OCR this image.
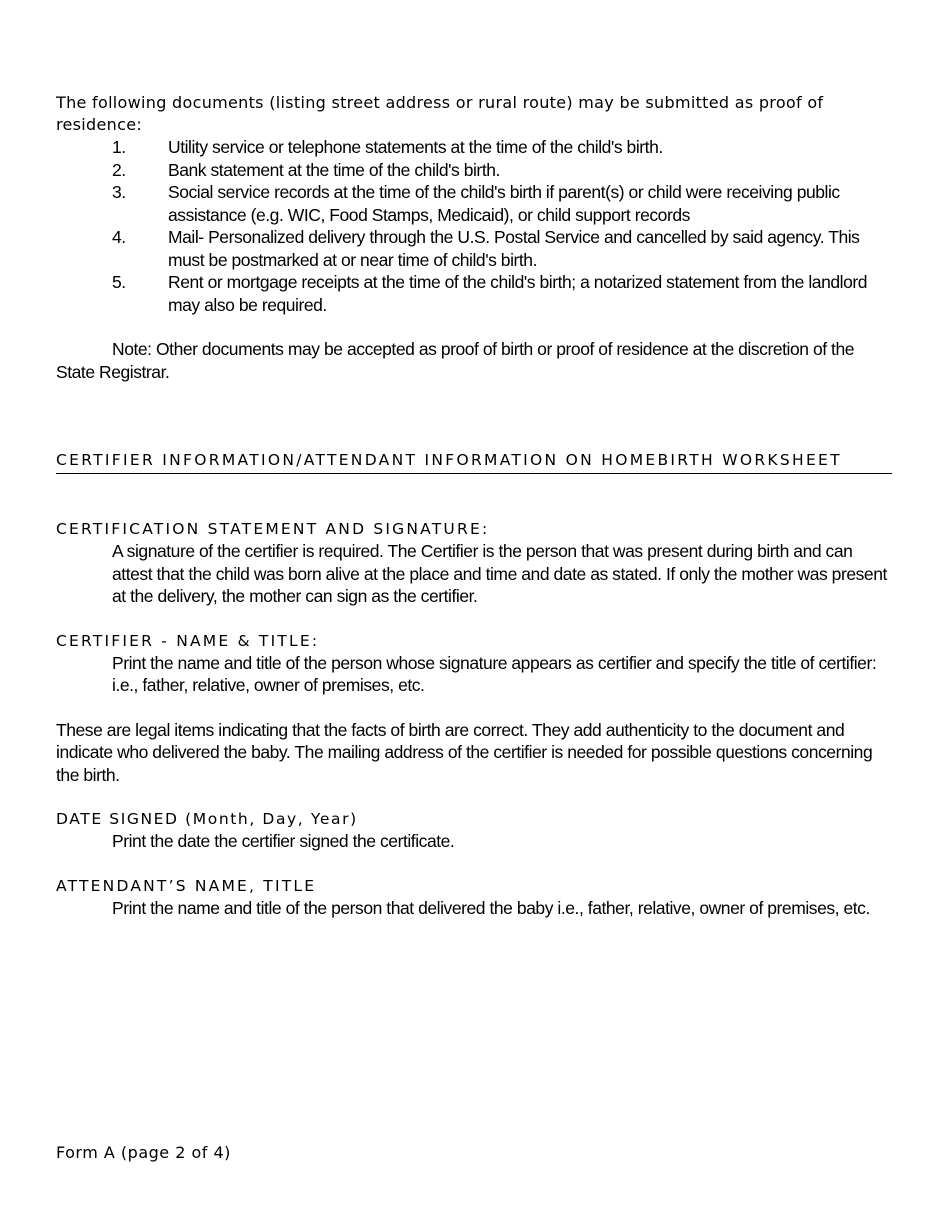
The following documents (listing street address or rural route) may be submitted as proof of residence:

1. Utility service or telephone statements at the time of the child's birth.
2. Bank statement at the time of the child's birth.
3. Social service records at the time of the child's birth if parent(s) or child were receiving public assistance (e.g. WIC, Food Stamps, Medicaid), or child support records
4. Mail- Personalized delivery through the U.S. Postal Service and cancelled by said agency. This must be postmarked at or near time of child's birth.
5. Rent or mortgage receipts at the time of the child's birth; a notarized statement from the landlord may also be required.

Note: Other documents may be accepted as proof of birth or proof of residence at the discretion of the State Registrar.

CERTIFIER INFORMATION/ATTENDANT INFORMATION ON HOMEBIRTH WORKSHEET
CERTIFICATION STATEMENT AND SIGNATURE:

A signature of the certifier is required. The Certifier is the person that was present during birth and can attest that the child was born alive at the place and time and date as stated. If only the mother was present at the delivery, the mother can sign as the certifier.

CERTIFIER - NAME & TITLE:

Print the name and title of the person whose signature appears as certifier and specify the title of certifier: i.e., father, relative, owner of premises, etc.

These are legal items indicating that the facts of birth are correct. They add authenticity to the document and indicate who delivered the baby. The mailing address of the certifier is needed for possible questions concerning the birth.

DATE SIGNED (Month, Day, Year)

Print the date the certifier signed the certificate.

ATTENDANT’S NAME, TITLE

Print the name and title of the person that delivered the baby i.e., father, relative, owner of premises, etc.

Form A (page 2 of 4)
